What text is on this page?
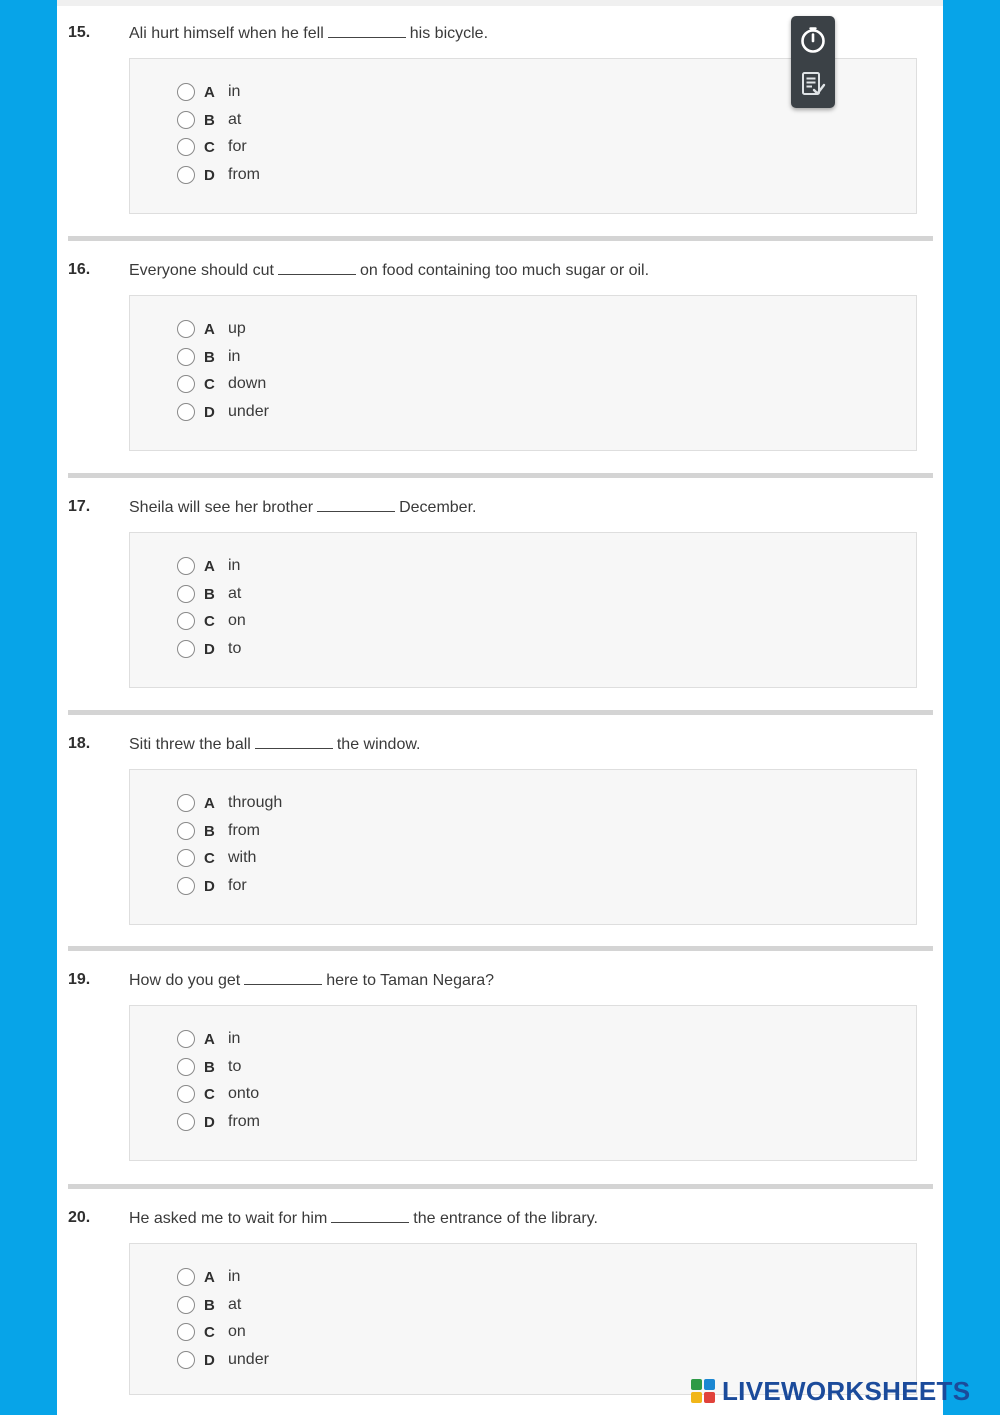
15. Ali hurt himself when he fell	his bicycle.
A in
B at
C for
D from
16. Everyone should cut	on food containing too much sugar or oil.
A up
B in
C down
D under
17. Sheila will see her brother	December.
A in
B at
C on
D to
18. Siti threw the ball	the window.
A through
B from
C with
D for
19. How do you get	here to Taman Negara?
A in
B to
C onto
D from
20. He asked me to wait for him	the entrance of the library.
A in
B at
C on
D under
LIVEWORKSHEETS
